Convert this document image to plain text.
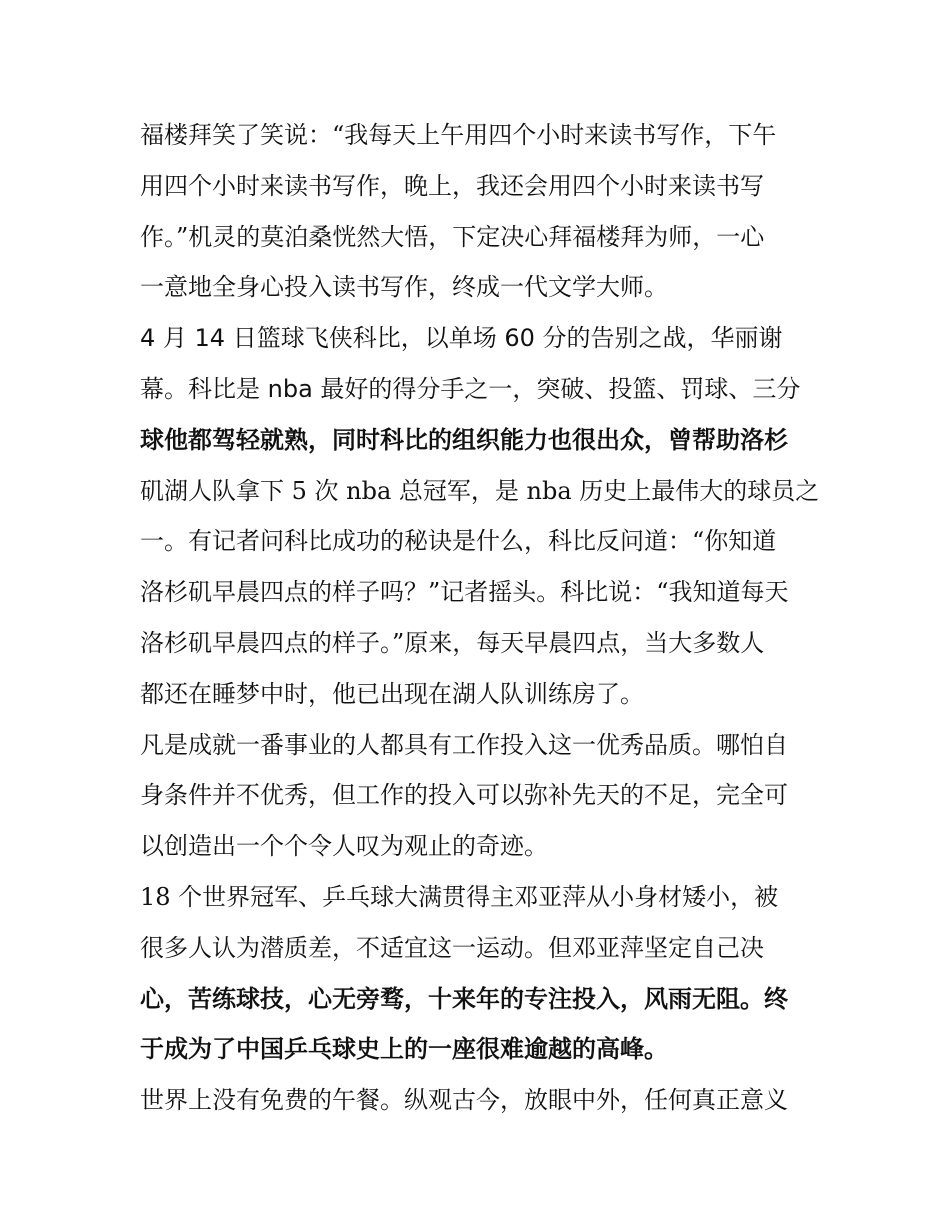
福楼拜笑了笑说：“我每天上午用四个小时来读书写作，下午
用四个小时来读书写作，晚上，我还会用四个小时来读书写
作。”机灵的莫泊桑恍然大悟，下定决心拜福楼拜为师，一心
一意地全身心投入读书写作，终成一代文学大师。

4 月 14 日篮球飞侠科比，以单场 60 分的告别之战，华丽谢
幕。科比是 nba 最好的得分手之一，突破、投篮、罚球、三分
球他都驾轻就熟，同时科比的组织能力也很出众，曾帮助洛杉
矶湖人队拿下 5 次 nba 总冠军，是 nba 历史上最伟大的球员之
一。有记者问科比成功的秘诀是什么，科比反问道：“你知道
洛杉矶早晨四点的样子吗？”记者摇头。科比说：“我知道每天
洛杉矶早晨四点的样子。”原来，每天早晨四点，当大多数人
都还在睡梦中时，他已出现在湖人队训练房了。

凡是成就一番事业的人都具有工作投入这一优秀品质。哪怕自
身条件并不优秀，但工作的投入可以弥补先天的不足，完全可
以创造出一个个令人叹为观止的奇迹。

18 个世界冠军、乒乓球大满贯得主邓亚萍从小身材矮小，被
很多人认为潜质差，不适宜这一运动。但邓亚萍坚定自己决
心，苦练球技，心无旁骛，十来年的专注投入，风雨无阻。终
于成为了中国乒乓球史上的一座很难逾越的高峰。

世界上没有免费的午餐。纵观古今，放眼中外，任何真正意义
